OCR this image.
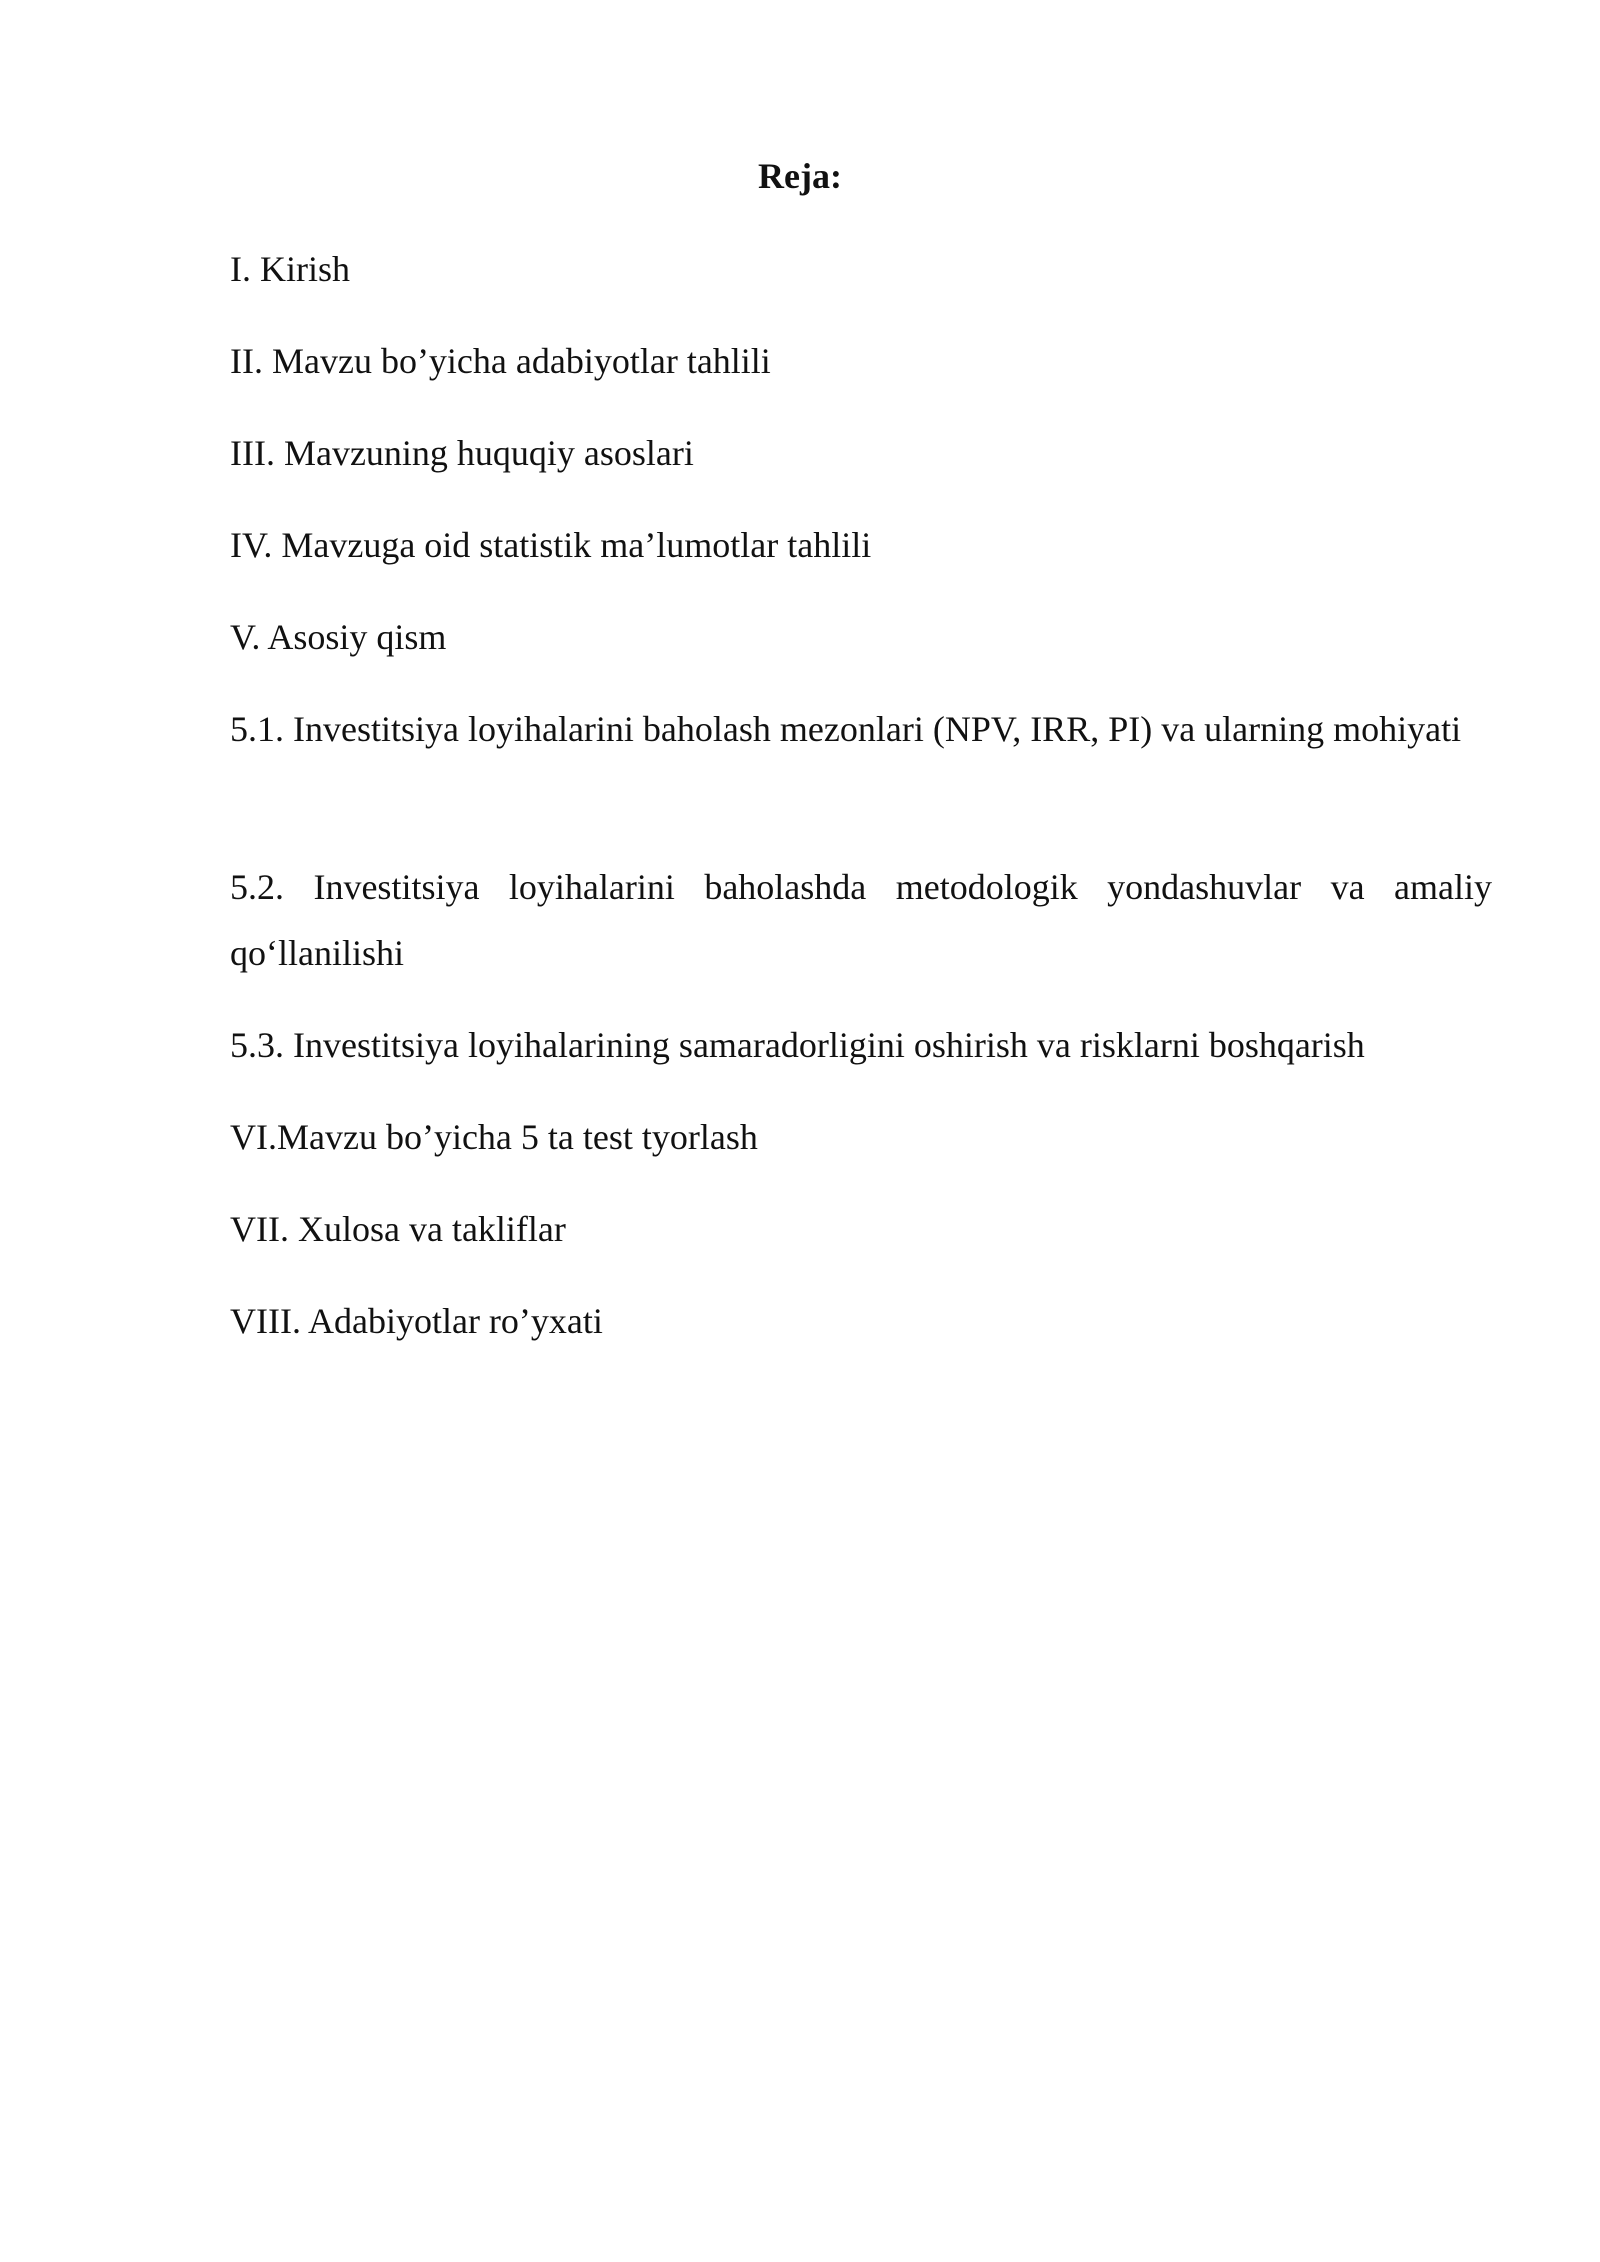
Reja:

I. Kirish

II. Mavzu bo’yicha adabiyotlar tahlili

III. Mavzuning huquqiy asoslari

IV. Mavzuga oid statistik ma’lumotlar tahlili

V. Asosiy qism

5.1. Investitsiya loyihalarini baholash mezonlari (NPV, IRR, PI) va ularning mohiyati

5.2. Investitsiya loyihalarini baholashda metodologik yondashuvlar va amaliy qo‘llanilishi

5.3. Investitsiya loyihalarining samaradorligini oshirish va risklarni boshqarish

VI.Mavzu bo’yicha 5 ta test tyorlash

VII. Xulosa va takliflar

VIII. Adabiyotlar ro’yxati
